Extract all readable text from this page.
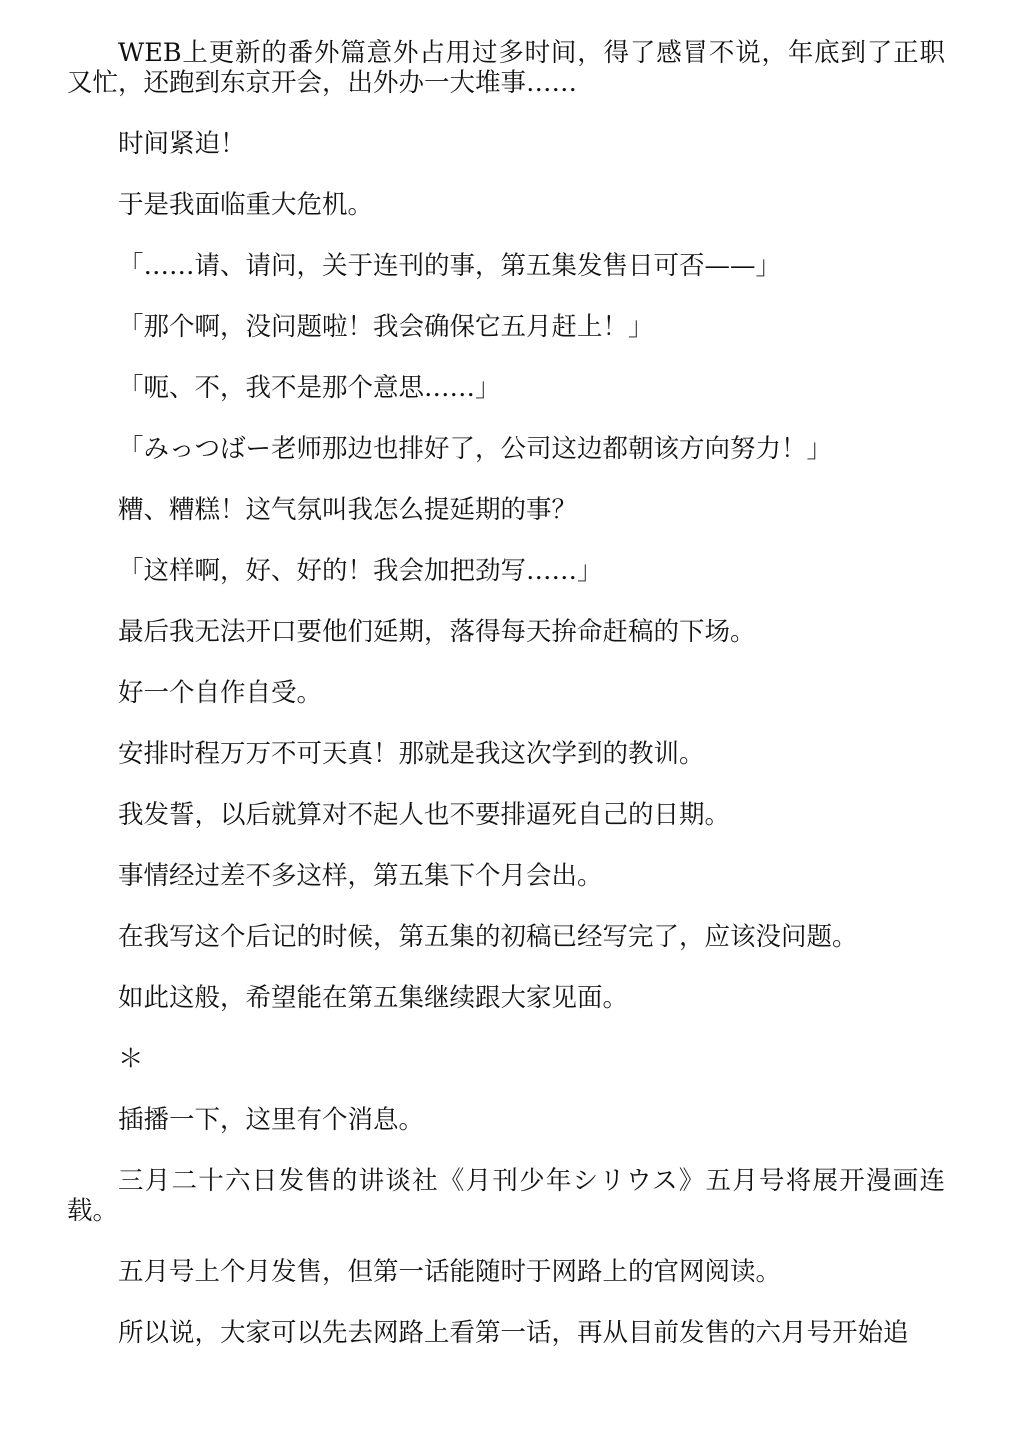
WEB上更新的番外篇意外占用过多时间，得了感冒不说，年底到了正职又忙，还跑到东京开会，出外办一大堆事……

时间紧迫！

于是我面临重大危机。

「……请、请问，关于连刊的事，第五集发售日可否——」

「那个啊，没问题啦！我会确保它五月赶上！」

「呃、不，我不是那个意思……」

「みっつばー老师那边也排好了，公司这边都朝该方向努力！」

糟、糟糕！这气氛叫我怎么提延期的事？

「这样啊，好、好的！我会加把劲写……」

最后我无法开口要他们延期，落得每天拚命赶稿的下场。

好一个自作自受。

安排时程万万不可天真！那就是我这次学到的教训。

我发誓，以后就算对不起人也不要排逼死自己的日期。

事情经过差不多这样，第五集下个月会出。

在我写这个后记的时候，第五集的初稿已经写完了，应该没问题。

如此这般，希望能在第五集继续跟大家见面。

＊

插播一下，这里有个消息。

三月二十六日发售的讲谈社《月刊少年シリウス》五月号将展开漫画连载。

五月号上个月发售，但第一话能随时于网路上的官网阅读。

所以说，大家可以先去网路上看第一话，再从目前发售的六月号开始追
